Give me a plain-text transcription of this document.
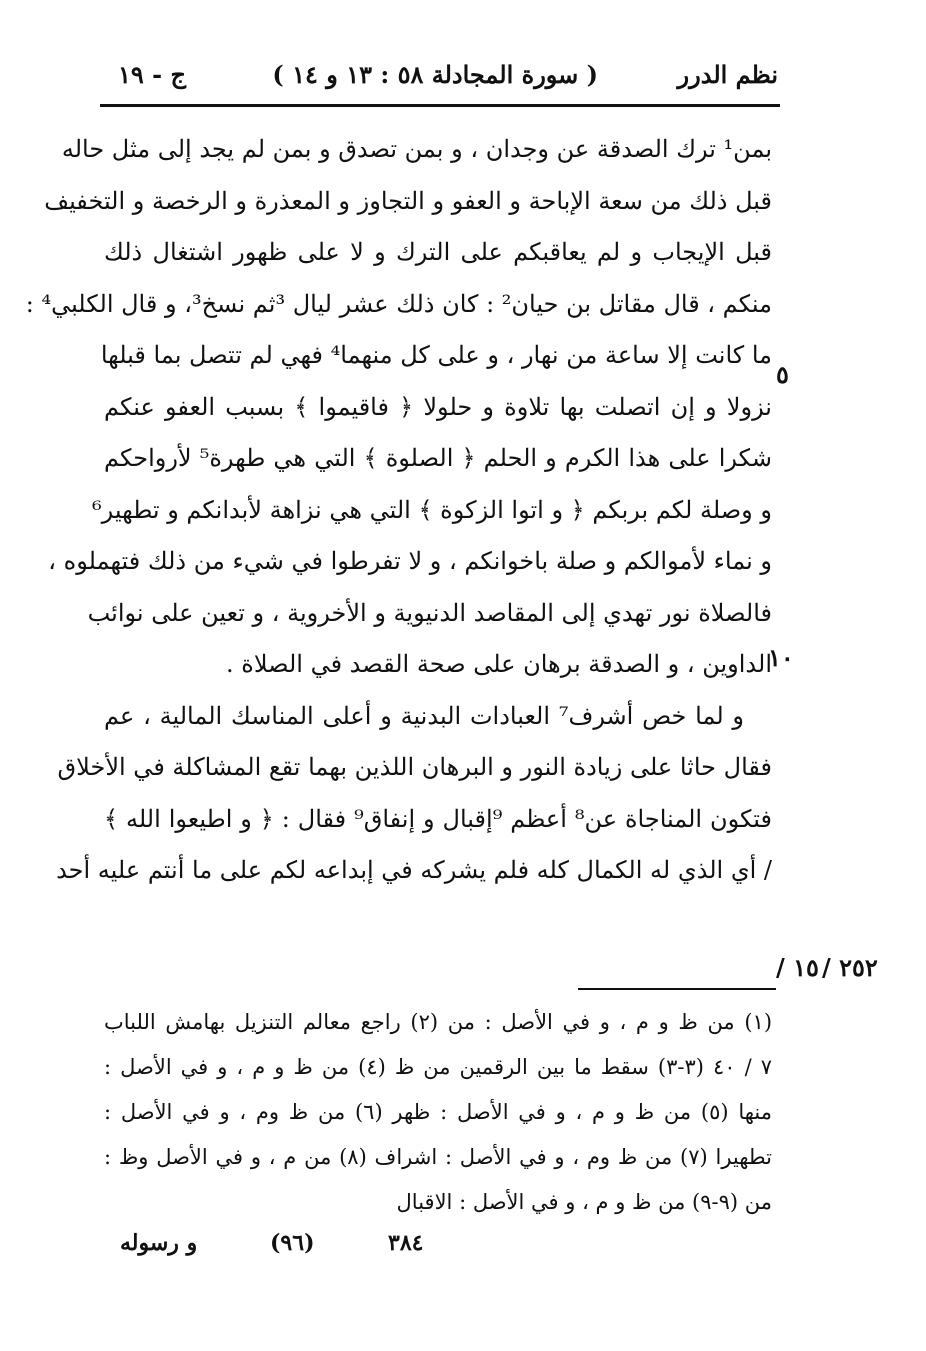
نظم الدرر
( سورة المجادلة ٥٨ : ١٣ و ١٤ )
ج - ١٩
بمن¹ ترك الصدقة عن وجدان ، و بمن تصدق و بمن لم يجد إلى مثل حاله
قبل ذلك من سعة الإباحة و العفو و التجاوز و المعذرة و الرخصة و التخفيف
قبل الإيجاب و لم يعاقبكم على الترك و لا على ظهور اشتغال ذلك
منكم ، قال مقاتل بن حيان² : كان ذلك عشر ليال ³ثم نسخ³، و قال الكلبي⁴ :
ما كانت إلا ساعة من نهار ، و على كل منهما⁴ فهي لم تتصل بما قبلها
نزولا و إن اتصلت بها تلاوة و حلولا ﴿ فاقيموا ﴾ بسبب العفو عنكم
شكرا على هذا الكرم و الحلم ﴿ الصلوة ﴾ التي هي طهرة⁵ لأرواحكم
و وصلة لكم بربكم ﴿ و اتوا الزكوة ﴾ التي هي نزاهة لأبدانكم و تطهير⁶
و نماء لأموالكم و صلة باخوانكم ، و لا تفرطوا في شيء من ذلك فتهملوه ،
فالصلاة نور تهدي إلى المقاصد الدنيوية و الأخروية ، و تعين على نوائب
الداوين ، و الصدقة برهان على صحة القصد في الصلاة .
و لما خص أشرف⁷ العبادات البدنية و أعلى المناسك المالية ، عم
فقال حاثا على زيادة النور و البرهان اللذين بهما تقع المشاكلة في الأخلاق
فتكون المناجاة عن⁸ أعظم ⁹إقبال و إنفاق⁹ فقال : ﴿ و اطيعوا الله ﴾
/ أي الذي له الكمال كله فلم يشركه في إبداعه لكم على ما أنتم عليه أحد
٥
١٠
١٥ / ٢٥٢ /
(١) من ظ و م ، و في الأصل : من (٢) راجع معالم التنزيل بهامش اللباب
٧ / ٤٠ (٣-٣) سقط ما بين الرقمين من ظ (٤) من ظ و م ، و في الأصل :
منها (٥) من ظ و م ، و في الأصل : ظهر (٦) من ظ وم ، و في الأصل :
تطهيرا (٧) من ظ وم ، و في الأصل : اشراف (٨) من م ، و في الأصل وظ :
من (٩-٩) من ظ و م ، و في الأصل : الاقبال
و رسوله	(٩٦)	٣٨٤
